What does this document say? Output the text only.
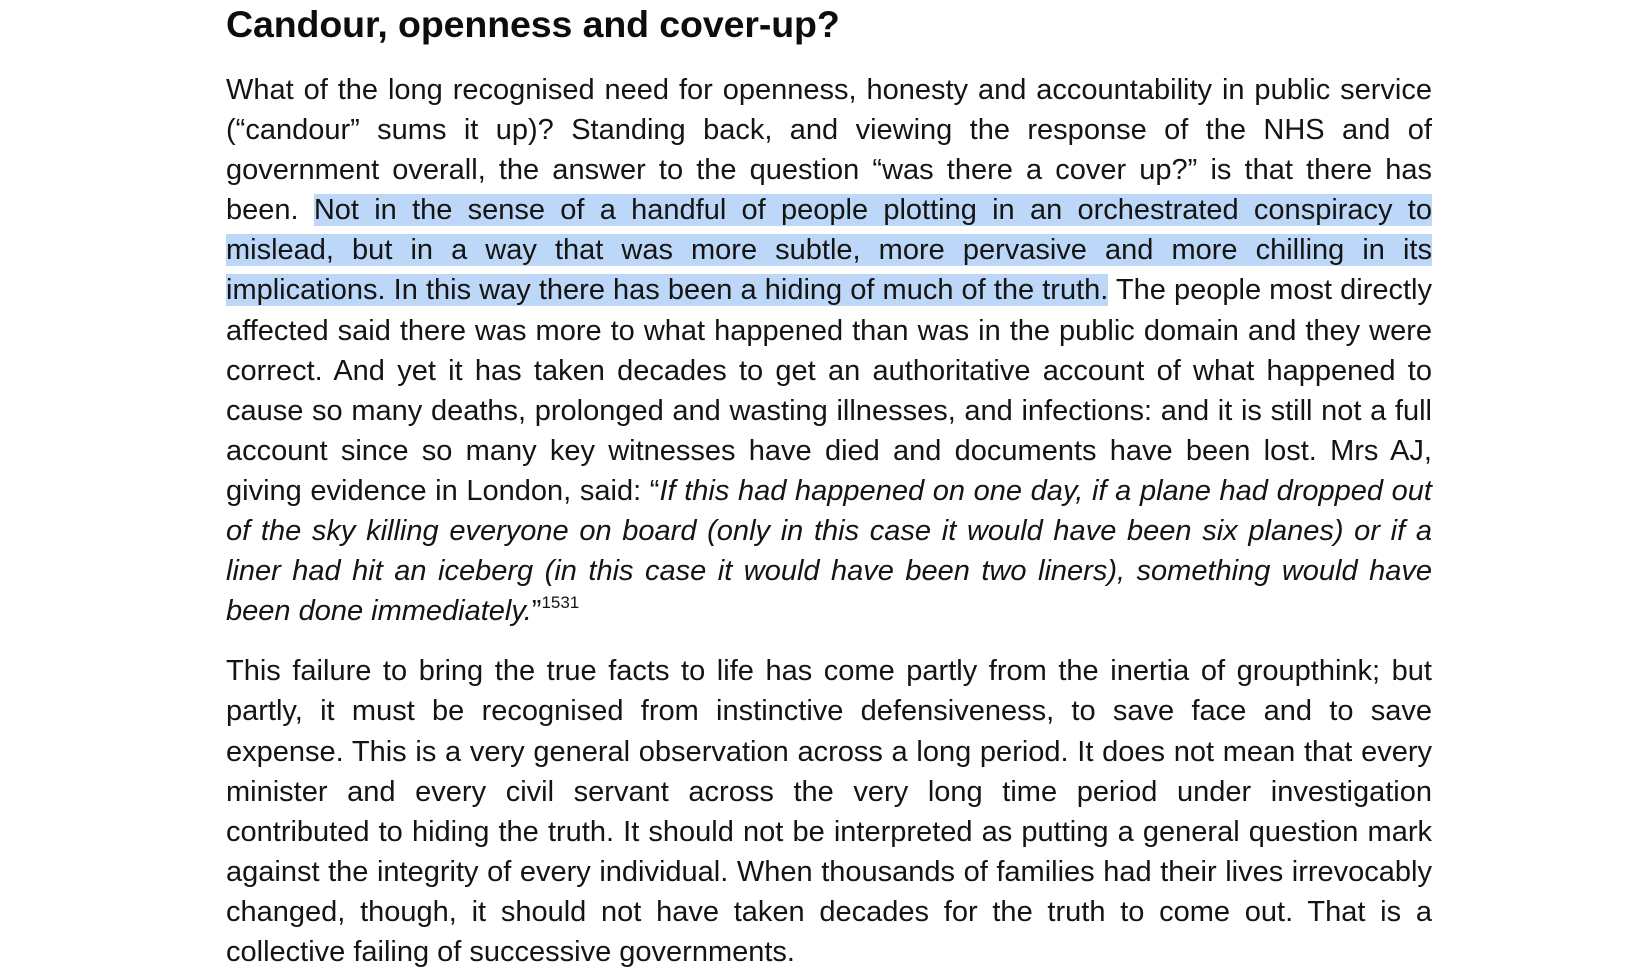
Candour, openness and cover-up?

What of the long recognised need for openness, honesty and accountability in public service (“candour” sums it up)? Standing back, and viewing the response of the NHS and of government overall, the answer to the question “was there a cover up?” is that there has been. Not in the sense of a handful of people plotting in an orchestrated conspiracy to mislead, but in a way that was more subtle, more pervasive and more chilling in its implications. In this way there has been a hiding of much of the truth. The people most directly affected said there was more to what happened than was in the public domain and they were correct. And yet it has taken decades to get an authoritative account of what happened to cause so many deaths, prolonged and wasting illnesses, and infections: and it is still not a full account since so many key witnesses have died and documents have been lost. Mrs AJ, giving evidence in London, said: “If this had happened on one day, if a plane had dropped out of the sky killing everyone on board (only in this case it would have been six planes) or if a liner had hit an iceberg (in this case it would have been two liners), something would have been done immediately.”$^{1531}$

This failure to bring the true facts to life has come partly from the inertia of groupthink; but partly, it must be recognised from instinctive defensiveness, to save face and to save expense. This is a very general observation across a long period. It does not mean that every minister and every civil servant across the very long time period under investigation contributed to hiding the truth. It should not be interpreted as putting a general question mark against the integrity of every individual. When thousands of families had their lives irrevocably changed, though, it should not have taken decades for the truth to come out. That is a collective failing of successive governments.
